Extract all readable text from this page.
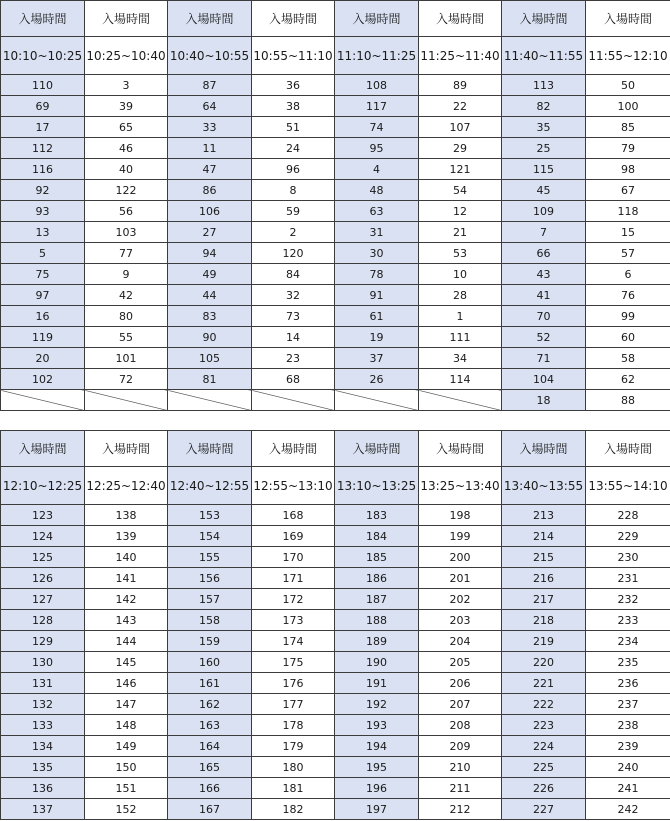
入場時間	入場時間	入場時間	入場時間	入場時間	入場時間	入場時間	入場時間
10:10~10:25	10:25~10:40	10:40~10:55	10:55~11:10	11:10~11:25	11:25~11:40	11:40~11:55	11:55~12:10
110	3	87	36	108	89	113	50
69	39	64	38	117	22	82	100
17	65	33	51	74	107	35	85
112	46	11	24	95	29	25	79
116	40	47	96	4	121	115	98
92	122	86	8	48	54	45	67
93	56	106	59	63	12	109	118
13	103	27	2	31	21	7	15
5	77	94	120	30	53	66	57
75	9	49	84	78	10	43	6
97	42	44	32	91	28	41	76
16	80	83	73	61	1	70	99
119	55	90	14	19	111	52	60
20	101	105	23	37	34	71	58
102	72	81	68	26	114	104	62
						18	88
入場時間	入場時間	入場時間	入場時間	入場時間	入場時間	入場時間	入場時間
12:10~12:25	12:25~12:40	12:40~12:55	12:55~13:10	13:10~13:25	13:25~13:40	13:40~13:55	13:55~14:10
123	138	153	168	183	198	213	228
124	139	154	169	184	199	214	229
125	140	155	170	185	200	215	230
126	141	156	171	186	201	216	231
127	142	157	172	187	202	217	232
128	143	158	173	188	203	218	233
129	144	159	174	189	204	219	234
130	145	160	175	190	205	220	235
131	146	161	176	191	206	221	236
132	147	162	177	192	207	222	237
133	148	163	178	193	208	223	238
134	149	164	179	194	209	224	239
135	150	165	180	195	210	225	240
136	151	166	181	196	211	226	241
137	152	167	182	197	212	227	242
